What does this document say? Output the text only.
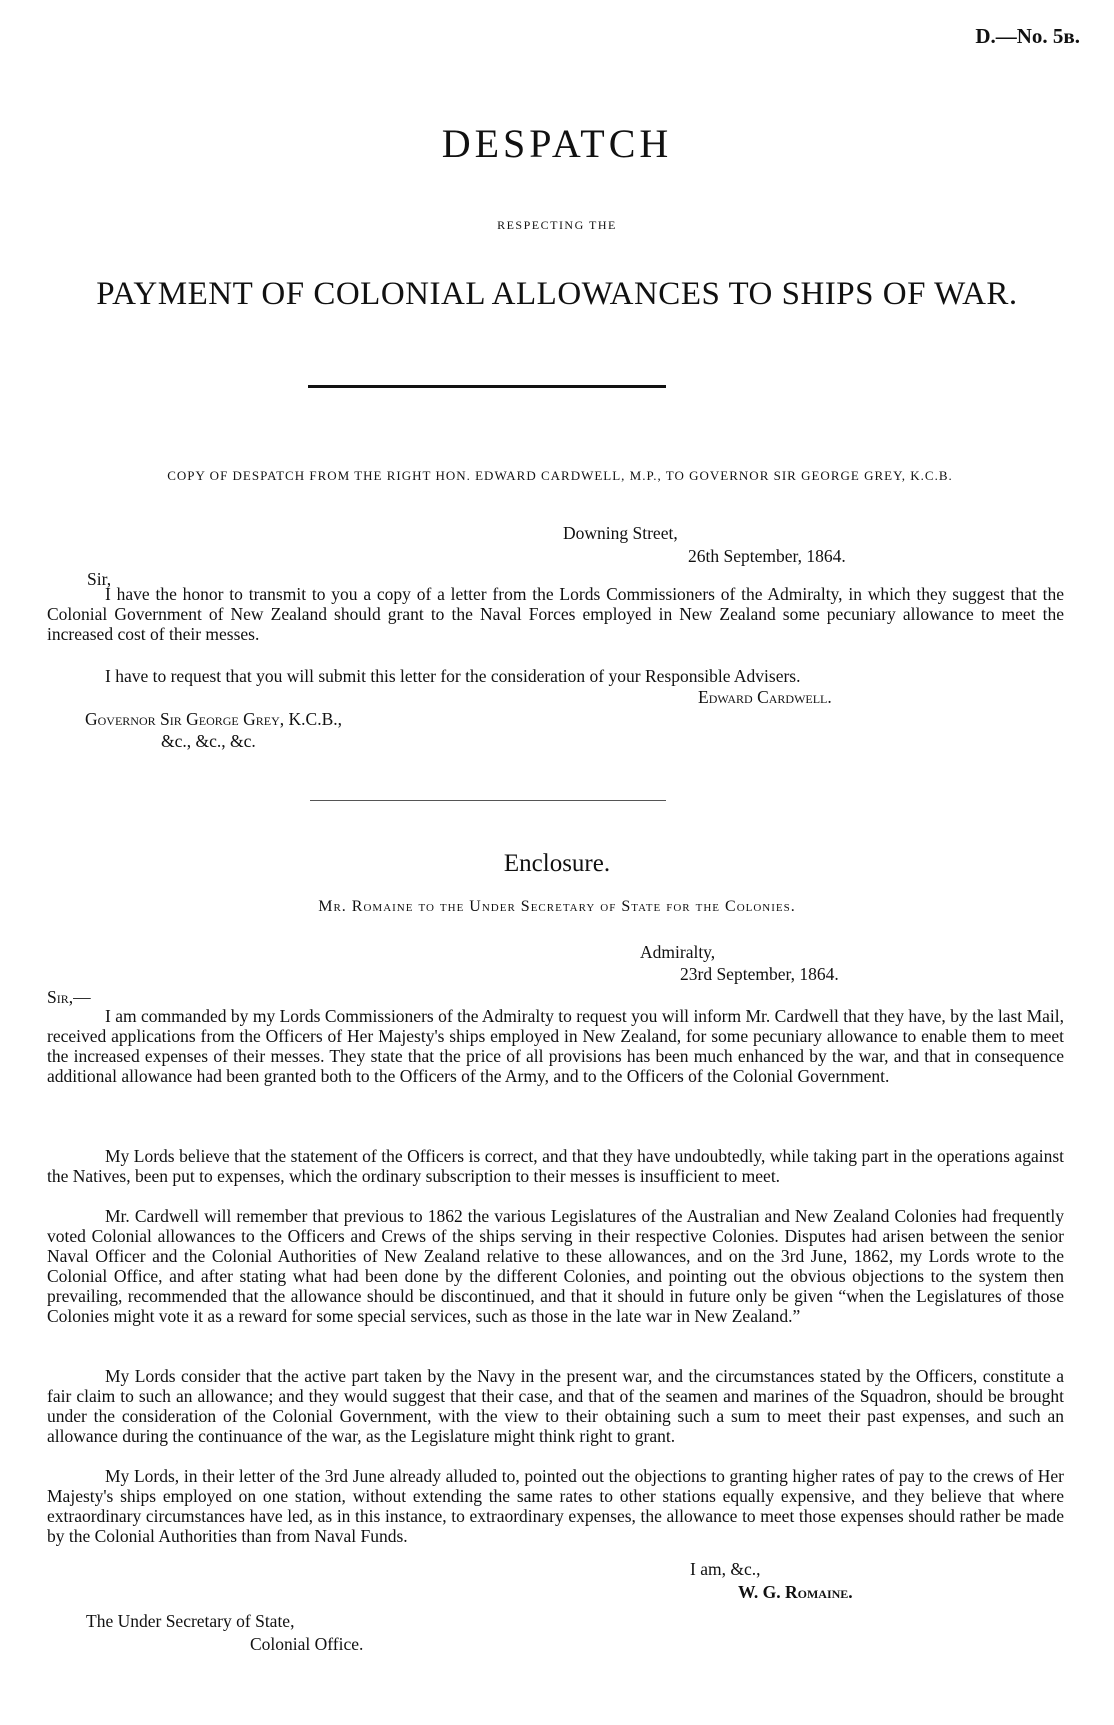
D.—No. 5в.
DESPATCH
RESPECTING THE
PAYMENT OF COLONIAL ALLOWANCES TO SHIPS OF WAR.
COPY OF DESPATCH FROM THE RIGHT HON. EDWARD CARDWELL, M.P., TO GOVERNOR SIR GEORGE GREY, K.C.B.
Downing Street,
26th September, 1864.
Sir,
I have the honor to transmit to you a copy of a letter from the Lords Commissioners of the Admiralty, in which they suggest that the Colonial Government of New Zealand should grant to the Naval Forces employed in New Zealand some pecuniary allowance to meet the increased cost of their messes.
I have to request that you will submit this letter for the consideration of your Responsible Advisers.
Edward Cardwell.
Governor Sir George Grey, K.C.B.,
&c., &c., &c.
Enclosure.
Mr. Romaine to the Under Secretary of State for the Colonies.
Admiralty,
23rd September, 1864.
Sir,—
I am commanded by my Lords Commissioners of the Admiralty to request you will inform Mr. Cardwell that they have, by the last Mail, received applications from the Officers of Her Majesty's ships employed in New Zealand, for some pecuniary allowance to enable them to meet the increased expenses of their messes. They state that the price of all provisions has been much enhanced by the war, and that in consequence additional allowance had been granted both to the Officers of the Army, and to the Officers of the Colonial Government.
My Lords believe that the statement of the Officers is correct, and that they have undoubtedly, while taking part in the operations against the Natives, been put to expenses, which the ordinary subscription to their messes is insufficient to meet.
Mr. Cardwell will remember that previous to 1862 the various Legislatures of the Australian and New Zealand Colonies had frequently voted Colonial allowances to the Officers and Crews of the ships serving in their respective Colonies. Disputes had arisen between the senior Naval Officer and the Colonial Authorities of New Zealand relative to these allowances, and on the 3rd June, 1862, my Lords wrote to the Colonial Office, and after stating what had been done by the different Colonies, and pointing out the obvious objections to the system then prevailing, recommended that the allowance should be discontinued, and that it should in future only be given “when the Legislatures of those Colonies might vote it as a reward for some special services, such as those in the late war in New Zealand.”
My Lords consider that the active part taken by the Navy in the present war, and the circumstances stated by the Officers, constitute a fair claim to such an allowance; and they would suggest that their case, and that of the seamen and marines of the Squadron, should be brought under the consideration of the Colonial Government, with the view to their obtaining such a sum to meet their past expenses, and such an allowance during the continuance of the war, as the Legislature might think right to grant.
My Lords, in their letter of the 3rd June already alluded to, pointed out the objections to granting higher rates of pay to the crews of Her Majesty's ships employed on one station, without extending the same rates to other stations equally expensive, and they believe that where extraordinary circumstances have led, as in this instance, to extraordinary expenses, the allowance to meet those expenses should rather be made by the Colonial Authorities than from Naval Funds.
I am, &c.,
W. G. Romaine.
The Under Secretary of State,
Colonial Office.
